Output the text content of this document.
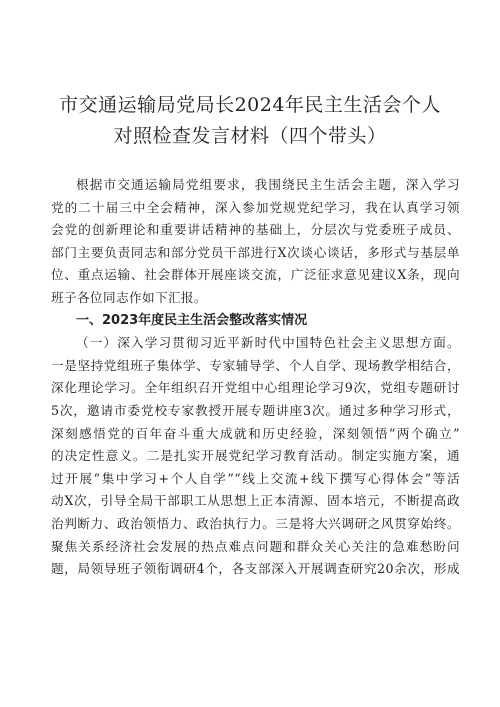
市交通运输局党局长2024年民主生活会个人
对照检查发言材料（四个带头）
根据市交通运输局党组要求，我围绕民主生活会主题，深入学习
党的二十届三中全会精神，深入参加党规党纪学习，我在认真学习领
会党的创新理论和重要讲话精神的基础上，分层次与党委班子成员、
部门主要负责同志和部分党员干部进行X次谈心谈话，多形式与基层单
位、重点运输、社会群体开展座谈交流，广泛征求意见建议X条，现向
班子各位同志作如下汇报。
一、2023年度民主生活会整改落实情况
（一）深入学习贯彻习近平新时代中国特色社会主义思想方面。
一是坚持党组班子集体学、专家辅导学、个人自学、现场教学相结合，
深化理论学习。全年组织召开党组中心组理论学习9次，党组专题研讨
5次，邀请市委党校专家教授开展专题讲座3次。通过多种学习形式，
深刻感悟党的百年奋斗重大成就和历史经验，深刻领悟“两个确立”
的决定性意义。二是扎实开展党纪学习教育活动。制定实施方案，通
过开展“集中学习+个人自学”“线上交流+线下撰写心得体会”等活
动X次，引导全局干部职工从思想上正本清源、固本培元，不断提高政
治判断力、政治领悟力、政治执行力。三是将大兴调研之风贯穿始终。
聚焦关系经济社会发展的热点难点问题和群众关心关注的急难愁盼问
题，局领导班子领衔调研4个，各支部深入开展调查研究20余次，形成
